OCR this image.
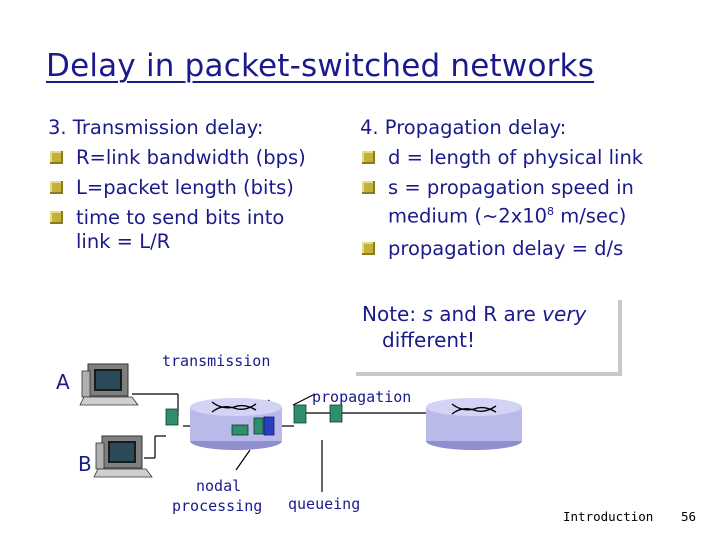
Delay in packet-switched networks
3. Transmission delay:
R=link bandwidth (bps)
L=packet length (bits)
time to send bits into
link = L/R
4. Propagation delay:
d = length of physical link
s = propagation speed in
medium ($\sim 2x10^8$ m/sec)
propagation delay = d/s
Note: s and R are very
different!
A
B
transmission
propagation
nodal
processing queueing
Introduction 56
